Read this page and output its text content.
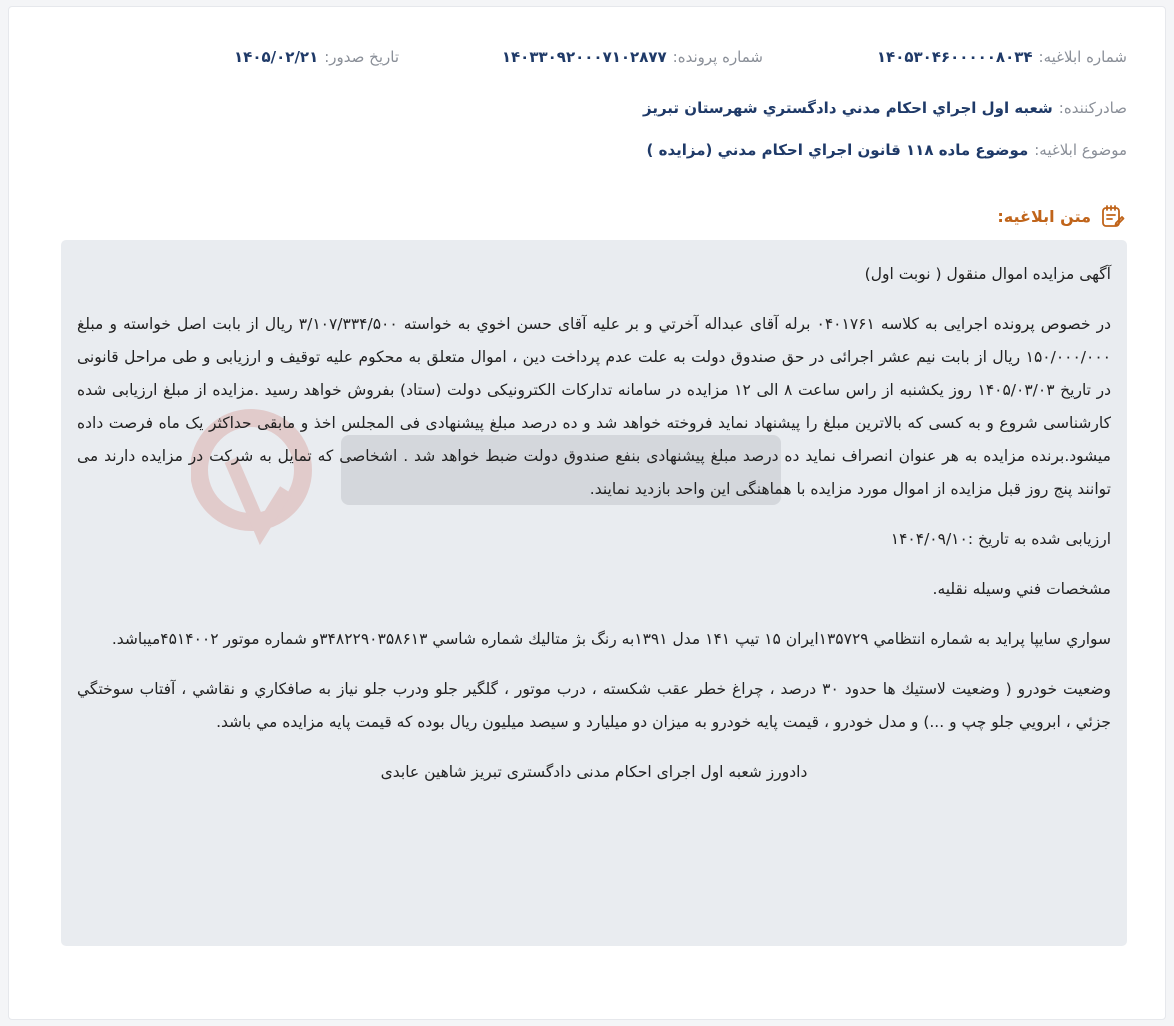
شماره ابلاغیه:
۱۴۰۵۳۰۴۶۰۰۰۰۰۸۰۳۴
شماره پرونده:
۱۴۰۳۳۰۹۲۰۰۰۷۱۰۲۸۷۷
تاریخ صدور:
۱۴۰۵/۰۲/۲۱
صادرکننده:
شعبه اول اجراي احكام مدني دادگستري شهرستان تبريز
موضوع ابلاغیه:
موضوع ماده ۱۱۸ قانون اجراي احكام مدني (مزايده )
متن ابلاغیه:

آگهی مزایده اموال منقول ( نوبت اول)

در خصوص پرونده اجرایی به کلاسه ۰۴۰۱۷۶۱ برله آقای عبداله آخرتي و بر عليه آقای حسن اخوي به خواسته ۳/۱۰۷/۳۳۴/۵۰۰ ريال از بابت اصل خواسته و مبلغ ۱۵۰/۰۰۰/۰۰۰ ريال از بابت نیم عشر اجرائی در حق صندوق دولت به علت عدم پرداخت دین ، اموال متعلق به محکوم علیه توقیف و ارزیابی و طی مراحل قانونی در تاریخ ۱۴۰۵/۰۳/۰۳ روز یکشنبه از راس ساعت ۸ الی ۱۲ مزایده در سامانه تدارکات الکترونیکی دولت (ستاد) بفروش خواهد رسید .مزایده از مبلغ ارزیابی شده کارشناسی شروع و به کسی که بالاترین مبلغ را پیشنهاد نماید فروخته خواهد شد و ده درصد مبلغ پیشنهادی فی المجلس اخذ و مابقی حداکثر یک ماه فرصت داده میشود.برنده مزایده به هر عنوان انصراف نماید ده درصد مبلغ پیشنهادی بنفع صندوق دولت ضبط خواهد شد . اشخاصی که تمایل به شرکت در مزایده دارند می توانند پنج روز قبل مزایده از اموال مورد مزایده با هماهنگی این واحد بازدید نمایند.

ارزيابی شده به تاريخ :۱۴۰۴/۰۹/۱۰

مشخصات فني وسيله نقليه.

سواري سايپا پرايد به شماره انتظامي ۱۳۵۷۲۹ايران ۱۵ تيپ ۱۴۱ مدل ۱۳۹۱به رنگ بژ متاليك شماره شاسي ۳۴۸۲۲۹۰۳۵۸۶۱۳و شماره موتور ۴۵۱۴۰۰۲ميباشد.

وضعيت خودرو ( وضعيت لاستيك ها حدود ۳۰ درصد ، چراغ خطر عقب شكسته ، درب موتور ، گلگير جلو ودرب جلو نياز به صافكاري و نقاشي ، آفتاب سوختگي جزئي ، ابرويي جلو چپ و ...) و مدل خودرو ، قيمت پايه خودرو به ميزان دو ميليارد و سيصد ميليون ريال بوده كه قيمت پايه مزايده مي باشد.

دادورز شعبه اول اجرای احکام مدنی دادگستری تبریز شاهین عابدی
